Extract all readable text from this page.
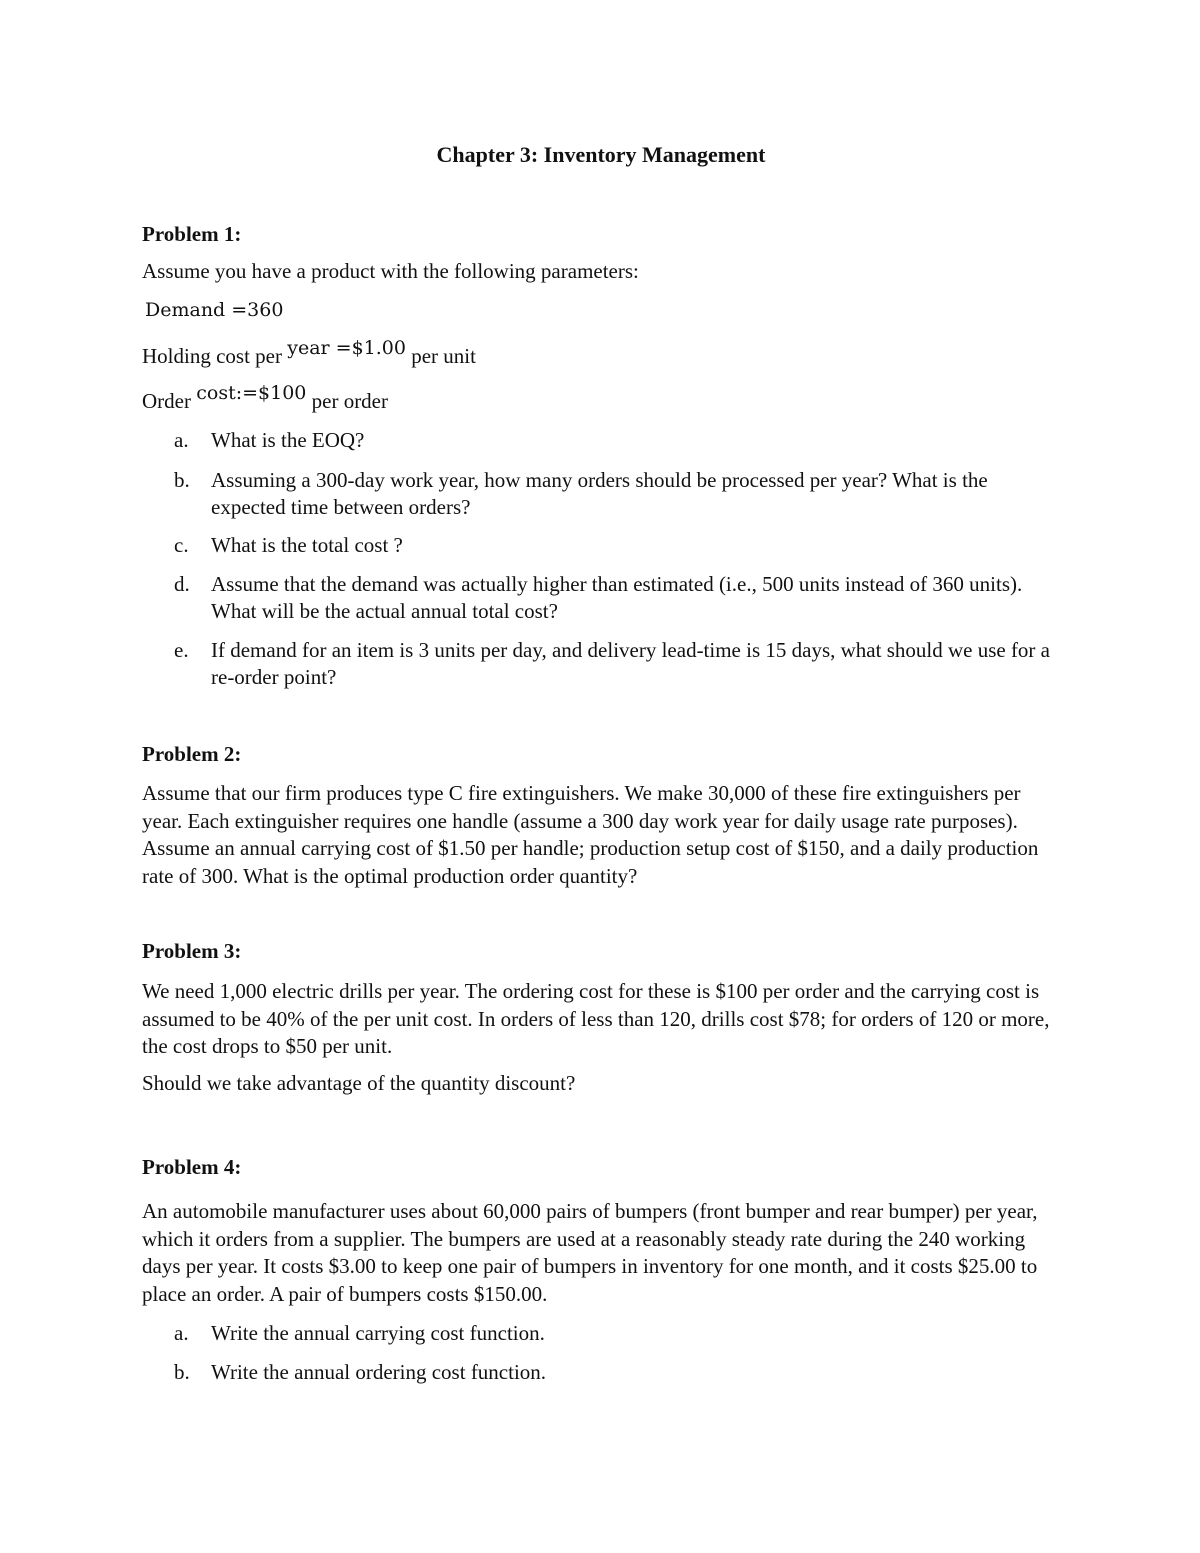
Chapter 3: Inventory Management
Problem 1:
Assume you have a product with the following parameters:
Demand =360
Holding cost per year =$1.00 per unit
Order cost:=$100 per order
a. What is the EOQ?
b. Assuming a 300-day work year, how many orders should be processed per year? What is the expected time between orders?
c. What is the total cost ?
d. Assume that the demand was actually higher than estimated (i.e., 500 units instead of 360 units). What will be the actual annual total cost?
e. If demand for an item is 3 units per day, and delivery lead-time is 15 days, what should we use for a re-order point?
Problem 2:
Assume that our firm produces type C fire extinguishers. We make 30,000 of these fire extinguishers per year. Each extinguisher requires one handle (assume a 300 day work year for daily usage rate purposes). Assume an annual carrying cost of $1.50 per handle; production setup cost of $150, and a daily production rate of 300. What is the optimal production order quantity?
Problem 3:
We need 1,000 electric drills per year. The ordering cost for these is $100 per order and the carrying cost is assumed to be 40% of the per unit cost. In orders of less than 120, drills cost $78; for orders of 120 or more, the cost drops to $50 per unit.
Should we take advantage of the quantity discount?
Problem 4:
An automobile manufacturer uses about 60,000 pairs of bumpers (front bumper and rear bumper) per year, which it orders from a supplier. The bumpers are used at a reasonably steady rate during the 240 working days per year. It costs $3.00 to keep one pair of bumpers in inventory for one month, and it costs $25.00 to place an order. A pair of bumpers costs $150.00.
a. Write the annual carrying cost function.
b. Write the annual ordering cost function.
